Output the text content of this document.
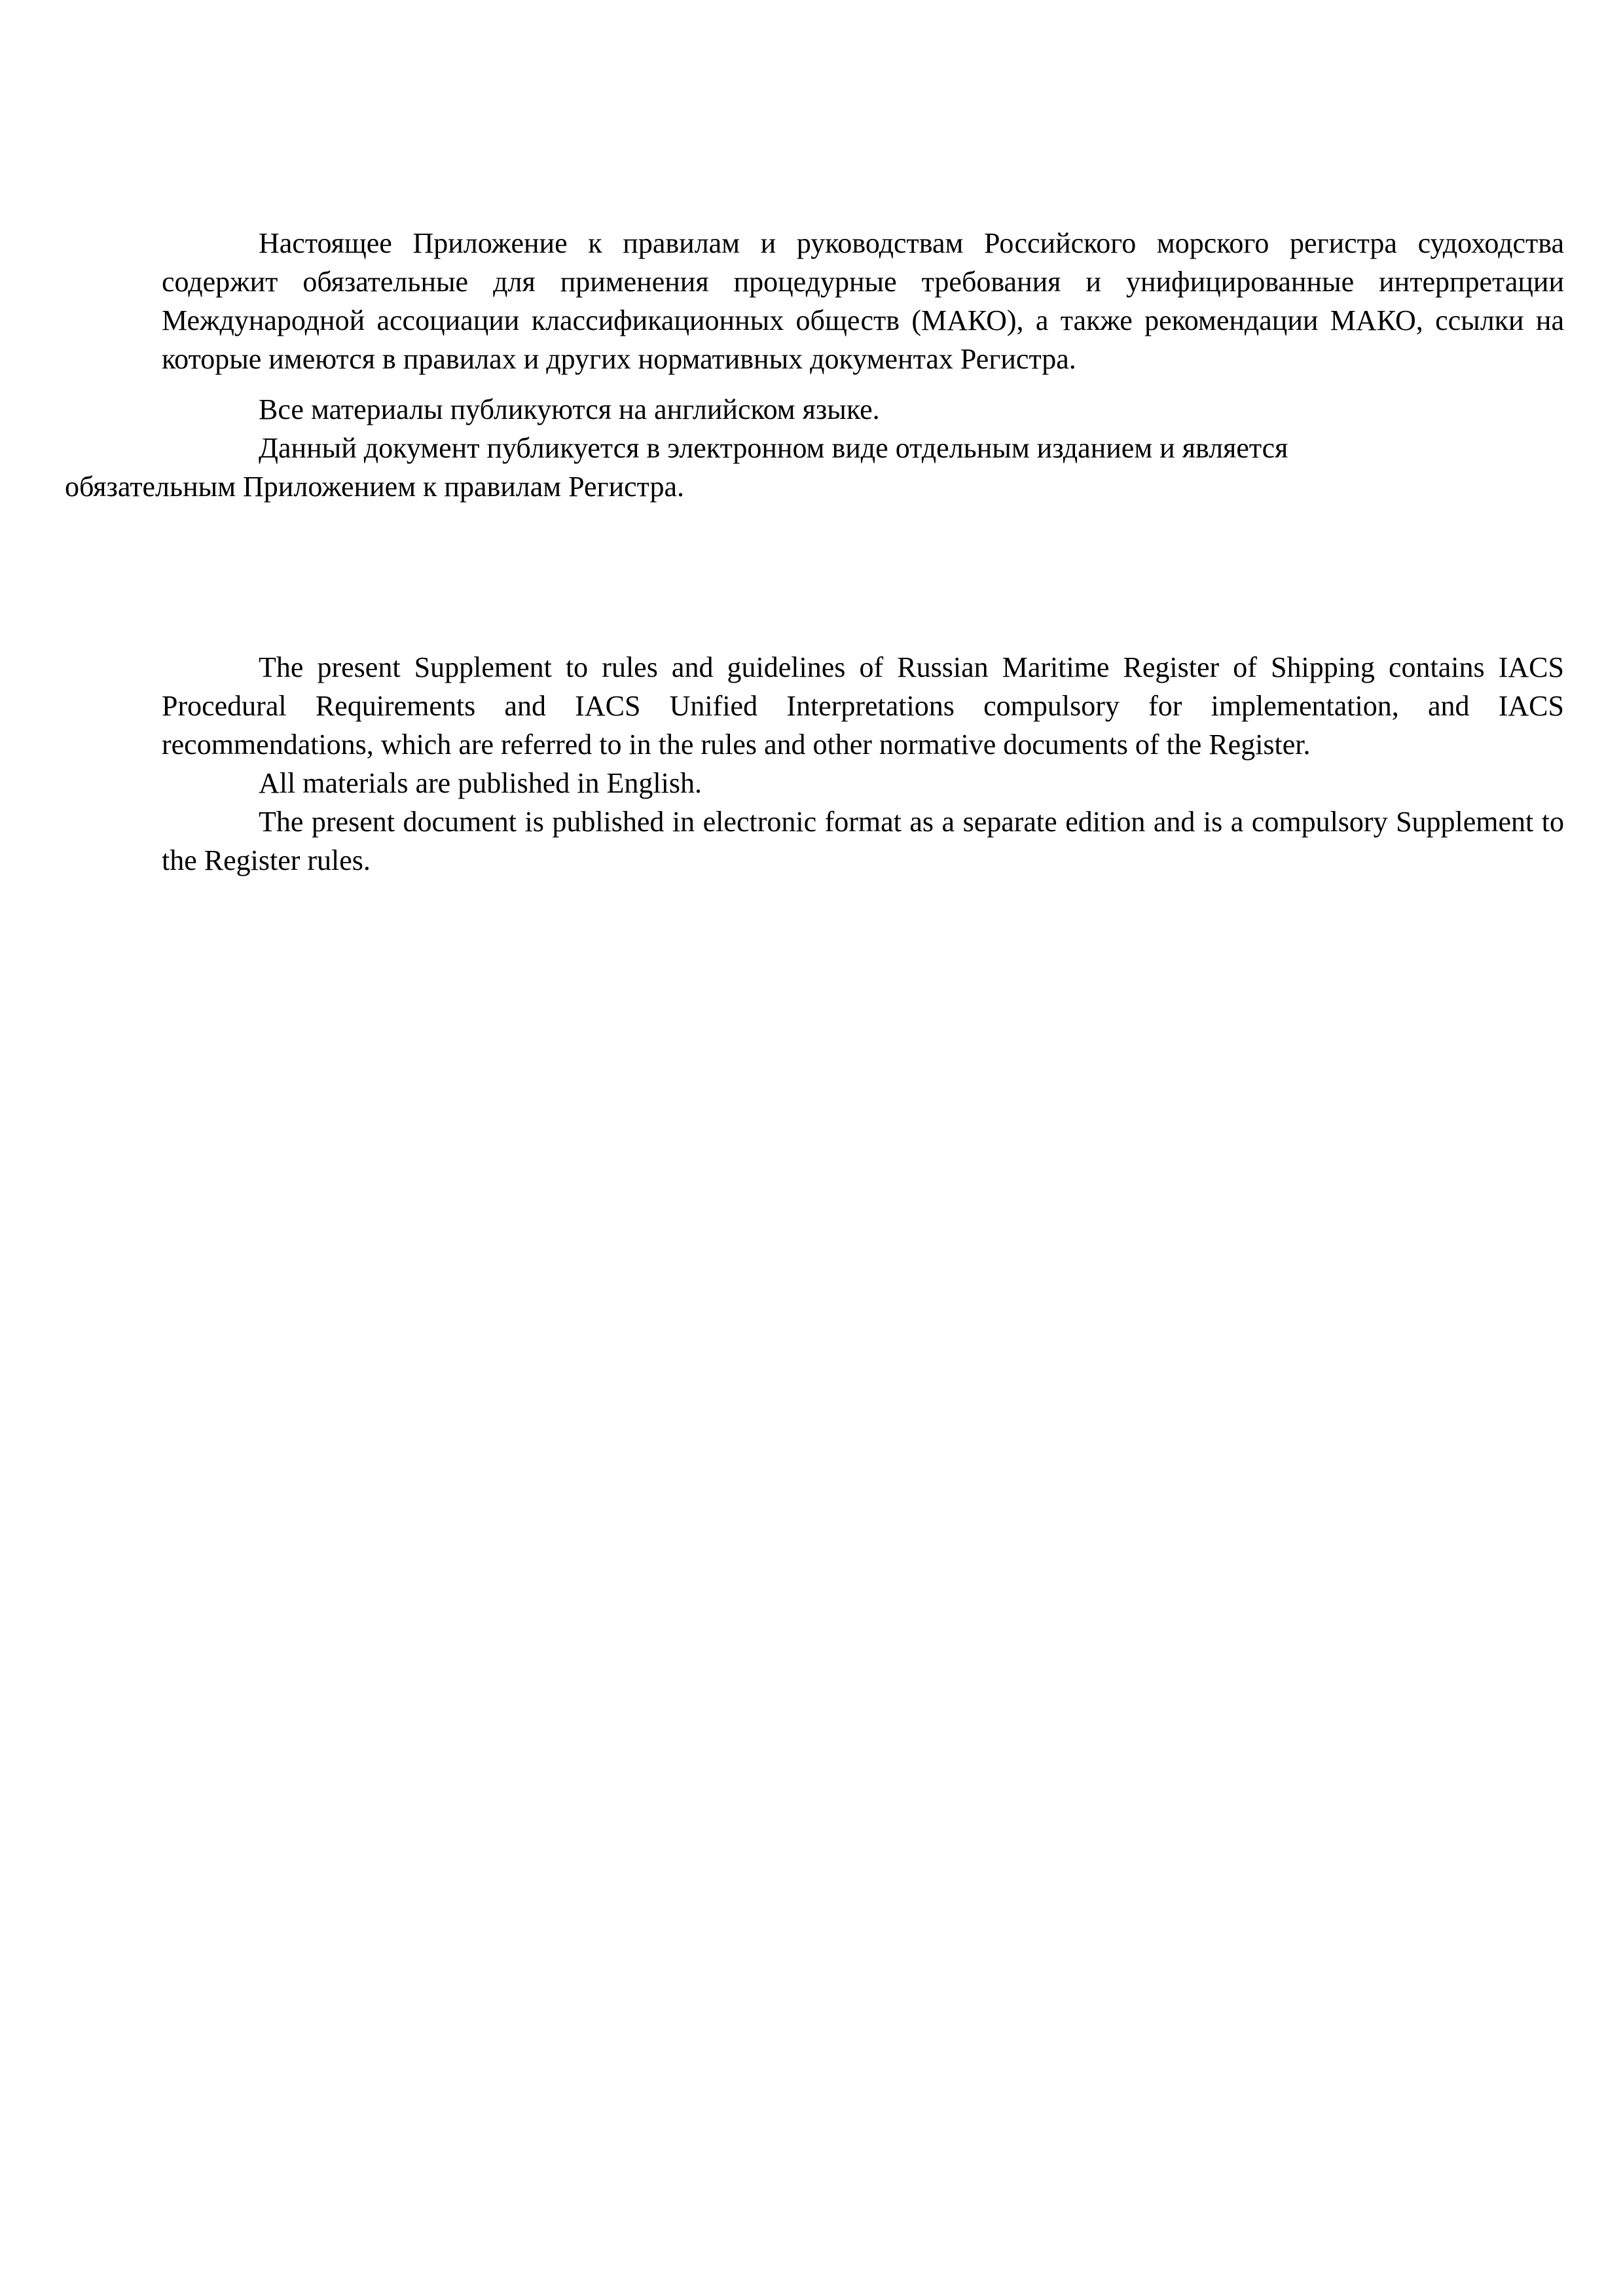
Настоящее Приложение к правилам и руководствам Российского морского регистра судоходства содержит обязательные для применения процедурные требования и унифицированные интерпретации Международной ассоциации классификационных обществ (МАКО), а также рекомендации МАКО, ссылки на которые имеются в правилах и других нормативных документах Регистра.

Все материалы публикуются на английском языке.

Данный документ публикуется в электронном виде отдельным изданием и является
обязательным Приложением к правилам Регистра.

The present Supplement to rules and guidelines of Russian Maritime Register of Shipping contains IACS Procedural Requirements and IACS Unified Interpretations compulsory for implementation, and IACS recommendations, which are referred to in the rules and other normative documents of the Register.

All materials are published in English.

The present document is published in electronic format as a separate edition and is a compulsory Supplement to the Register rules.
